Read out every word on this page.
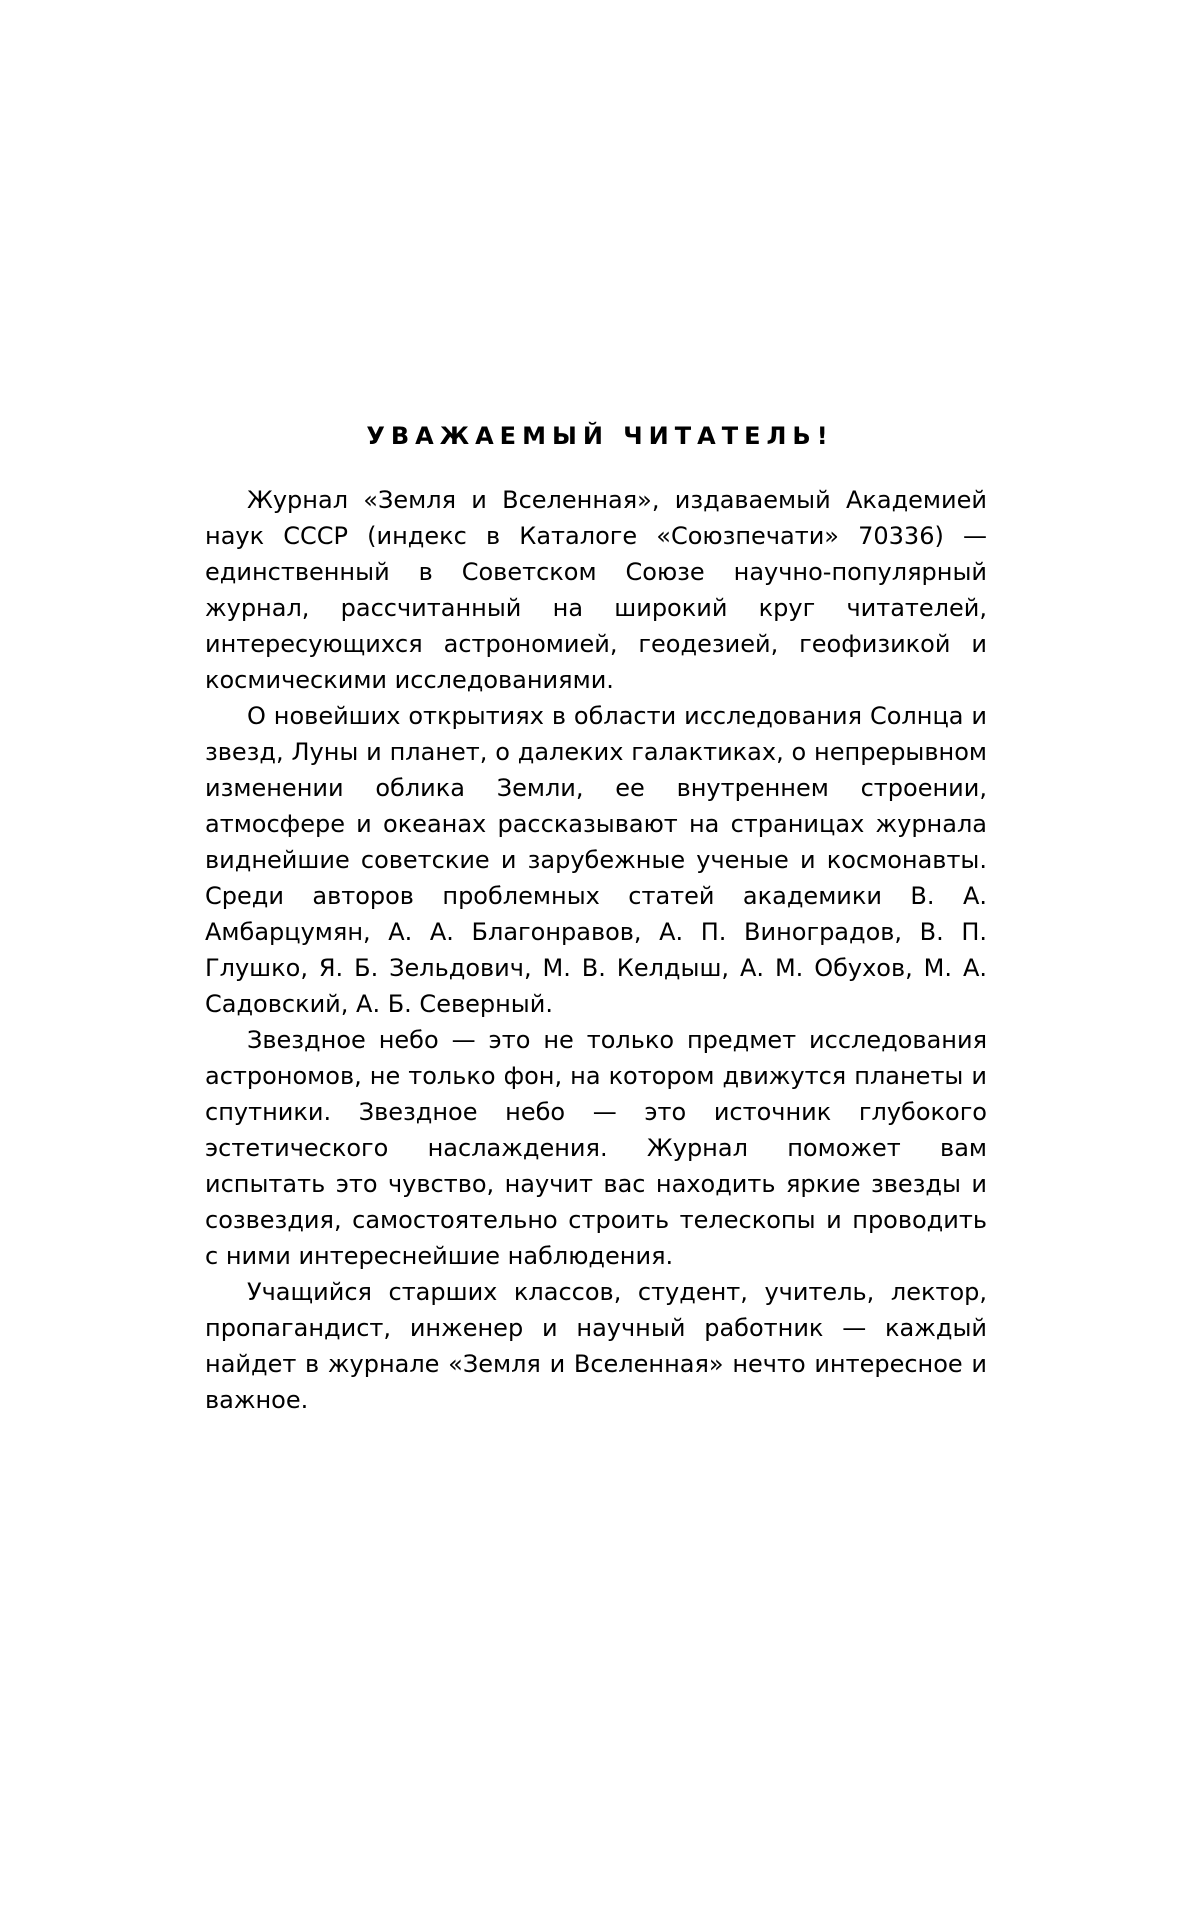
УВАЖАЕМЫЙ ЧИТАТЕЛЬ!

Журнал «Земля и Вселенная», издаваемый Академией наук СССР (индекс в Каталоге «Союзпечати» 70336) — единственный в Советском Союзе научно-популярный журнал, рассчитанный на широкий круг читателей, интересующихся астрономией, геодезией, геофизикой и космическими исследованиями.

О новейших открытиях в области исследования Солнца и звезд, Луны и планет, о далеких галактиках, о непрерывном изменении облика Земли, ее внутреннем строении, атмосфере и океанах рассказывают на страницах журнала виднейшие советские и зарубежные ученые и космонавты. Среди авторов проблемных статей академики В. А. Амбарцумян, А. А. Благонравов, А. П. Виноградов, В. П. Глушко, Я. Б. Зельдович, М. В. Келдыш, А. М. Обухов, М. А. Садовский, А. Б. Северный.

Звездное небо — это не только предмет исследования астрономов, не только фон, на котором движутся планеты и спутники. Звездное небо — это источник глубокого эстетического наслаждения. Журнал поможет вам испытать это чувство, научит вас находить яркие звезды и созвездия, самостоятельно строить телескопы и проводить с ними интереснейшие наблюдения.

Учащийся старших классов, студент, учитель, лектор, пропагандист, инженер и научный работник — каждый найдет в журнале «Земля и Вселенная» нечто интересное и важное.
